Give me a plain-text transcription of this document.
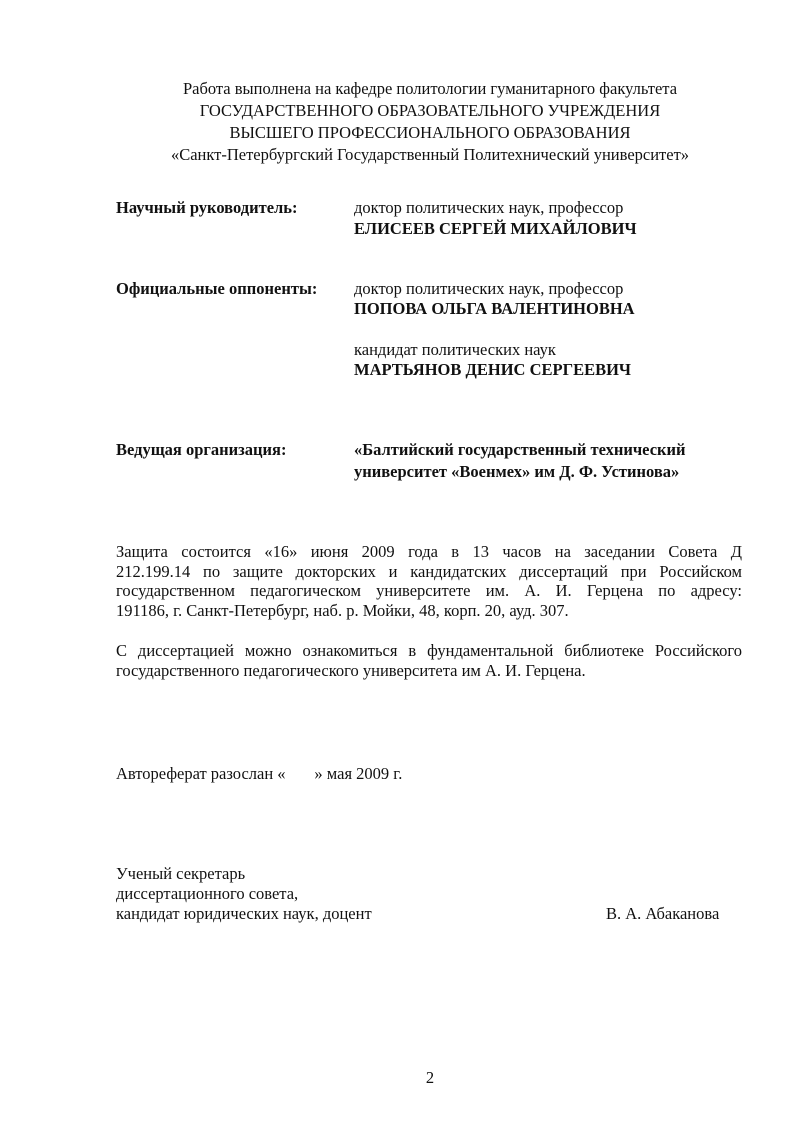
Работа выполнена на кафедре политологии гуманитарного факультета
ГОСУДАРСТВЕННОГО ОБРАЗОВАТЕЛЬНОГО УЧРЕЖДЕНИЯ
ВЫСШЕГО ПРОФЕССИОНАЛЬНОГО ОБРАЗОВАНИЯ
«Санкт-Петербургский Государственный Политехнический университет»
Научный руководитель:	доктор политических наук, профессор
ЕЛИСЕЕВ СЕРГЕЙ МИХАЙЛОВИЧ
Официальные оппоненты: доктор политических наук, профессор
ПОПОВА ОЛЬГА ВАЛЕНТИНОВНА
кандидат политических наук
МАРТЬЯНОВ ДЕНИС СЕРГЕЕВИЧ
Ведущая организация:	«Балтийский государственный технический
университет «Военмех» им Д. Ф. Устинова»
Защита состоится «16» июня 2009 года в 13 часов на заседании Совета Д
212.199.14 по защите докторских и кандидатских диссертаций при Российском
государственном педагогическом университете им. А. И. Герцена по адресу:
191186, г. Санкт-Петербург, наб. р. Мойки, 48, корп. 20, ауд. 307.
С диссертацией можно ознакомиться в фундаментальной библиотеке Российского
государственного педагогического университета им А. И. Герцена.
Автореферат разослан «       » мая 2009 г.
Ученый секретарь
диссертационного совета,
кандидат юридических наук, доцент	В. А. Абаканова
2
